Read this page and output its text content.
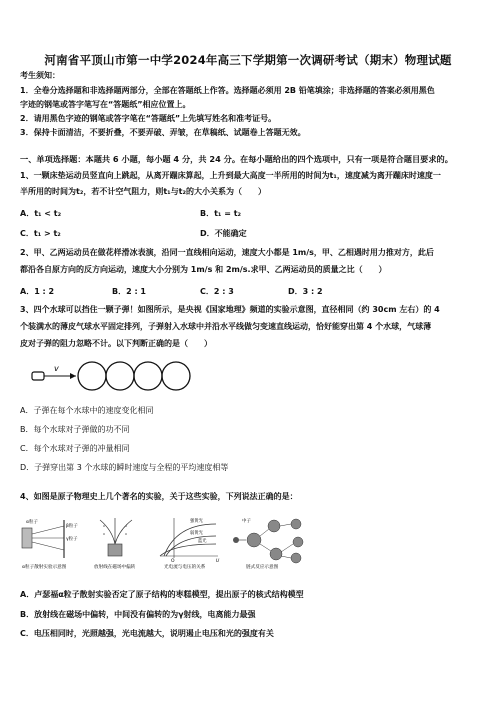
河南省平顶山市第一中学2024年高三下学期第一次调研考试（期末）物理试题
考生须知：
1．全卷分选择题和非选择题两部分，全部在答题纸上作答。选择题必须用 2B 铅笔填涂；非选择题的答案必须用黑色
字迹的钢笔或答字笔写在“答题纸”相应位置上。
2．请用黑色字迹的钢笔或答字笔在“答题纸”上先填写姓名和准考证号。
3．保持卡面清洁，不要折叠，不要弄破、弄皱，在草稿纸、试题卷上答题无效。
一、单项选择题：本题共 6 小题，每小题 4 分，共 24 分。在每小题给出的四个选项中，只有一项是符合题目要求的。
1、一颗床垫运动员竖直向上跳起，从离开蹦床算起，上升到最大高度一半所用的时间为t₁，速度减为离开蹦床时速度一
半所用的时间为t₂，若不计空气阻力，则t₁与t₂的大小关系为（　　）
A．t₁ < t₂	B．t₁ = t₂
C．t₁ > t₂	D．不能确定
2、甲、乙两运动员在做花样滑冰表演，沿同一直线相向运动，速度大小都是 1m/s，甲、乙相遇时用力推对方，此后
都沿各自原方向的反方向运动，速度大小分别为 1m/s 和 2m/s.求甲、乙两运动员的质量之比（　　）
A．1 : 2	B．2 : 1	C．2 : 3	D．3 : 2
3、四个水球可以挡住一颗子弹！如图所示，是央视《国家地理》频道的实验示意图，直径相同（约 30cm 左右）的 4
个装满水的薄皮气球水平固定排列，子弹射入水球中并沿水平线做匀变速直线运动，恰好能穿出第 4 个水球，气球薄
皮对子弹的阻力忽略不计。以下判断正确的是（　　）
v
A．子弹在每个水球中的速度变化相同
B．每个水球对子弹做的功不同
C．每个水球对子弹的冲量相同
D．子弹穿出第 3 个水球的瞬时速度与全程的平均速度相等
4、如图是原子物理史上几个著名的实验，关于这些实验，下列说法正确的是：
α粒子
β粒子
γ粒子
α粒子散射实验示意图	放射线在磁场中偏转
强黄光
弱黄光
蓝光
U
O
光电流与电压的关系
中子
链式反应示意图
A．卢瑟福α粒子散射实验否定了原子结构的枣糕模型，提出原子的核式结构模型
B．放射线在磁场中偏转，中间没有偏转的为γ射线，电离能力最强
C．电压相同时，光照越强，光电流越大，说明遏止电压和光的强度有关
